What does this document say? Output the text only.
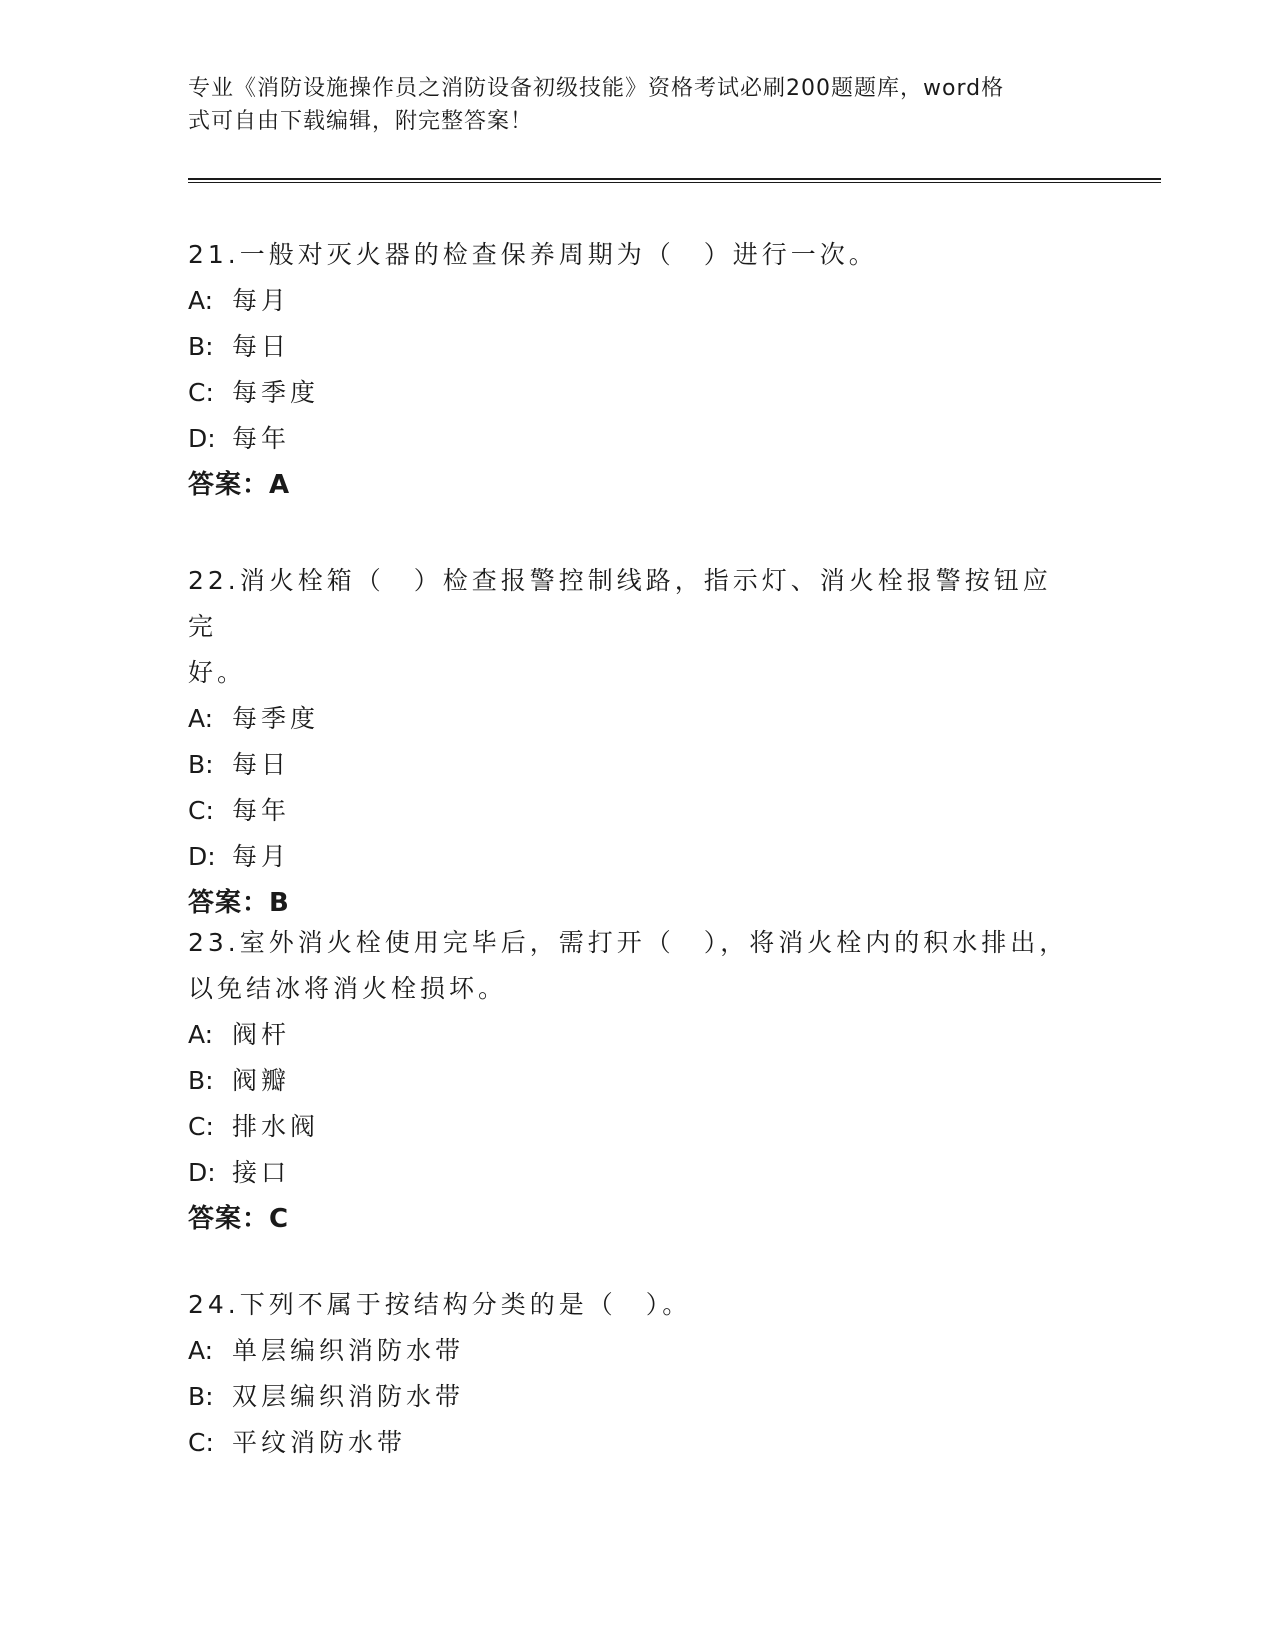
专业《消防设施操作员之消防设备初级技能》资格考试必刷200题题库，word格
式可自由下载编辑，附完整答案！

21.一般对灭火器的检查保养周期为（　）进行一次。

A: 每月

B: 每日

C: 每季度

D: 每年

答案：A

22.消火栓箱（　）检查报警控制线路，指示灯、消火栓报警按钮应完

好。

A: 每季度

B: 每日

C: 每年

D: 每月

答案：B

23.室外消火栓使用完毕后，需打开（　），将消火栓内的积水排出，

以免结冰将消火栓损坏。

A: 阀杆

B: 阀瓣

C: 排水阀

D: 接口

答案：C

24.下列不属于按结构分类的是（　）。

A: 单层编织消防水带

B: 双层编织消防水带

C: 平纹消防水带
